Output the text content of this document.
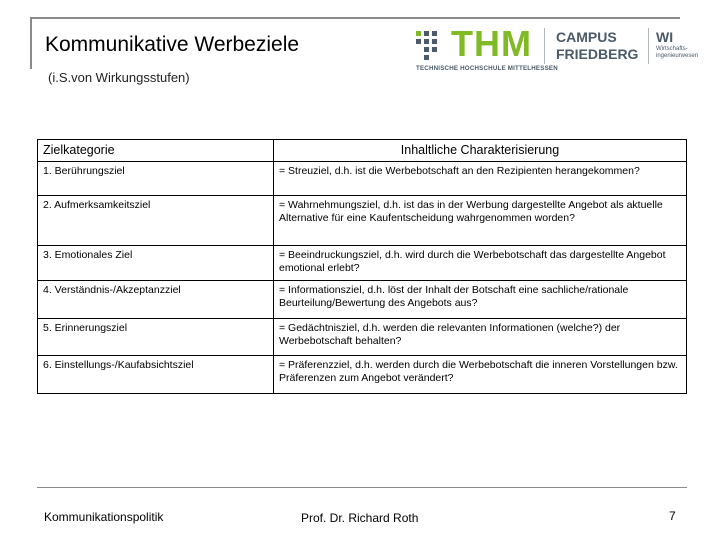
Kommunikative Werbeziele
(i.S.von Wirkungsstufen)
THM
TECHNISCHE HOCHSCHULE MITTELHESSEN
CAMPUS
FRIEDBERG
WI
Wirtschafts-ingenieurwesen
Zielkategorie	Inhaltliche Charakterisierung
1. Berührungsziel	= Streuziel, d.h. ist die Werbebotschaft an den Rezipienten herangekommen?
2. Aufmerksamkeitsziel	= Wahrnehmungsziel, d.h. ist das in der Werbung dargestellte Angebot als aktuelle Alternative für eine Kaufentscheidung wahrgenommen worden?
3. Emotionales Ziel	= Beeindruckungsziel, d.h. wird durch die Werbebotschaft das dargestellte Angebot emotional erlebt?
4. Verständnis-/Akzeptanzziel	= Informationsziel, d.h. löst der Inhalt der Botschaft eine sachliche/rationale Beurteilung/Bewertung des Angebots aus?
5. Erinnerungsziel	= Gedächtnisziel, d.h. werden die relevanten Informationen (welche?) der Werbebotschaft behalten?
6. Einstellungs-/Kaufabsichtsziel	= Präferenzziel, d.h. werden durch die Werbebotschaft die inneren Vorstellungen bzw. Präferenzen zum Angebot verändert?
Kommunikationspolitik	Prof. Dr. Richard Roth	7
